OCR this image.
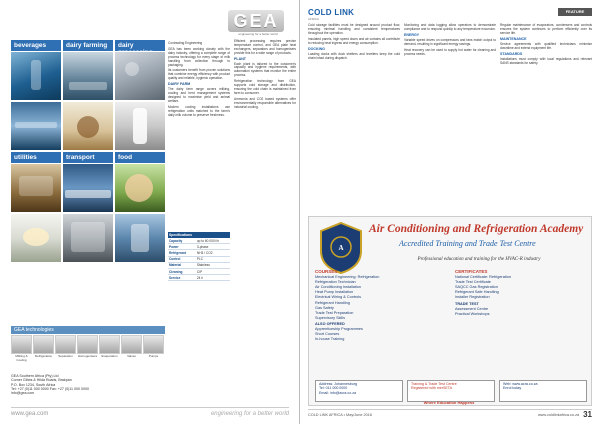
GEA
engineering for a better world
beverages	dairy farming	dairy
utilities	transport	food
GEA technologies
Milking & Cooling
Refrigeration	Separation	Homogenisers	Evaporation	Valves	Pumps
GEA Southern Africa (Pty) Ltd
Corner Gibbs & Hilda Roads, Brakpan
P.O. Box 1234, South Africa
Tel: +27 (0)11 000 0000 Fax: +27 (0)11 000 0000
info@gea.com

Contracting Engineering

GEA has been working closely with the dairy industry, offering a complete range of process technology for every stage of milk handling from collection through to packaging.

Its customers benefit from proven solutions that combine energy efficiency with product quality and reliable, hygienic operation.

DAIRY FARM

The dairy farm range covers milking, cooling and herd management systems designed to maximise yield and animal welfare.

Modern cooling installations use refrigeration units matched to the farm's daily milk volume to preserve freshness.

Specifications
Capacity	up to 60 000 l/h
Power	3-phase
Refrigerant	NH3 / CO2
Control	PLC
Material	Stainless
Cleaning	CIP
Service	24 h

Efficient processing requires precise temperature control, and GEA plate heat exchangers, separators and homogenisers provide this for a wide range of products.

PLANT

Each plant is tailored to the customer's capacity and hygiene requirements, with automation systems that monitor the entire process.

Refrigeration technology from GEA supports cold storage and distribution, ensuring the cold chain is maintained from farm to consumer.

Ammonia and CO2 based systems offer environmentally responsible alternatives for industrial cooling.

www.gea.com	engineering for a better world
COLD LINK
AFRICA
FEATURE

Cold storage facilities must be designed around product flow, ensuring minimal handling and consistent temperatures throughout the operation.

Insulated panels, high speed doors and air curtains all contribute to reducing heat ingress and energy consumption.

DOCKING

Loading docks with dock shelters and levellers keep the cold chain intact during dispatch.

Monitoring and data logging allow operators to demonstrate compliance and to respond quickly to any temperature excursion.

ENERGY

Variable speed drives on compressors and fans match output to demand, resulting in significant energy savings.

Heat recovery can be used to supply hot water for cleaning and process needs.

Regular maintenance of evaporators, condensers and controls ensures the system continues to perform efficiently over its service life.

MAINTENANCE

Service agreements with qualified technicians minimise downtime and extend equipment life.

STANDARDS

Installations must comply with local regulations and relevant SANS standards for safety.

A
Air Conditioning and Refrigeration Academy
Accredited Training and Trade Test Centre
Professional education and training for the HVAC-R industry
COURSES
Mechanical Engineering: Refrigeration
Refrigeration Technician
Air Conditioning Installation
Heat Pump Installation
Electrical Wiring & Controls
Refrigerant Handling
Gas Safety
Trade Test Preparation
Supervisory Skills
ALSO OFFERED
Apprenticeship Programmes
Short Courses
In-house Training
CERTIFICATES
National Certificate: Refrigeration
Trade Test Certificate
SAQCC Gas Registration
Refrigerant Safe Handling
Installer Registration
TRADE TEST
Assessment Centre
Practical Workshops
Address: Johannesburg
Tel: 011 000 0000
Email: info@acra.co.za
Training & Trade Test Centre
Registered with merSETA
Web: www.acra.co.za
Enrol today
Where Education Happens
COLD LINK AFRICA • May/June 2016	www.coldlinkafrica.co.za 31
